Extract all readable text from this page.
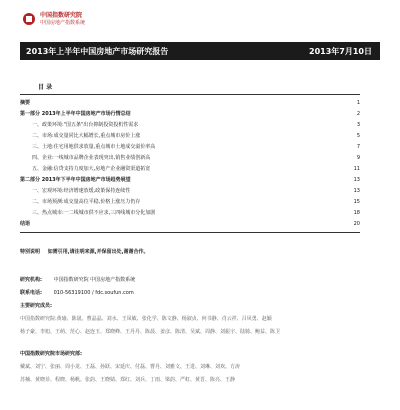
中国指数研究院
中国房地产指数系统
2013年上半年中国房地产市场研究报告	2013年7月10日
目 录
摘要	1
第一部分 2013年上半年中国房地产市场行情总结	2
一、政策环境:"国五条"出台抑制投资投机性需求	3
二、市场:成交量同比大幅增长,重点城市房价上涨	5
三、土地:住宅用地供求放量,重点城市土地成交溢价率高	7
四、企业:一线城市品牌企业表现突出,销售业绩创新高	9
五、金融:信贷支持力度加大,房地产企业融资渠道拓宽	11
第二部分 2013年下半年中国房地产市场趋势展望	13
一、宏观环境:经济增速放缓,政策保持连续性	13
二、市场预测:成交量高位平稳,价格上涨压力仍存	15
三、热点城市:一二线城市供不应求,三四线城市分化加剧	18
结语	20
特别说明 如需引用,请注明来源,并保留出处,谢谢合作。
研究机构: 中国指数研究院 中国房地产指数系统
联系电话: 010-56319100 / fdc.soufun.com
主要研究成员:
中国指数研究院:黄瑜、陈晟、曹晶晶、刘水、王凤敏、张化学、陈文静、杨淑贞、何书静、肖云祥、吕风勇、赵颖
杨子豪、李旭、王萌、范心、赵连玉、郑晓峰、王丹丹、陈晨、姜彦、陈清、吴斌、周静、刘振宇、陆骑、鲍益、陈卫
中国指数研究院市场研究部:
戴斌、刘宁、张丽、周小龙、王磊、孙跃、宋延庆、付磊、曹丹、刘雅文、王进、刘琳、刘欢、方涛
苏楠、黄晓菲、程晓、杨帆、张韵、王晓婧、郑红、刘兵、丁雨、梁韵、严虹、黄晋、陈亮、王静
